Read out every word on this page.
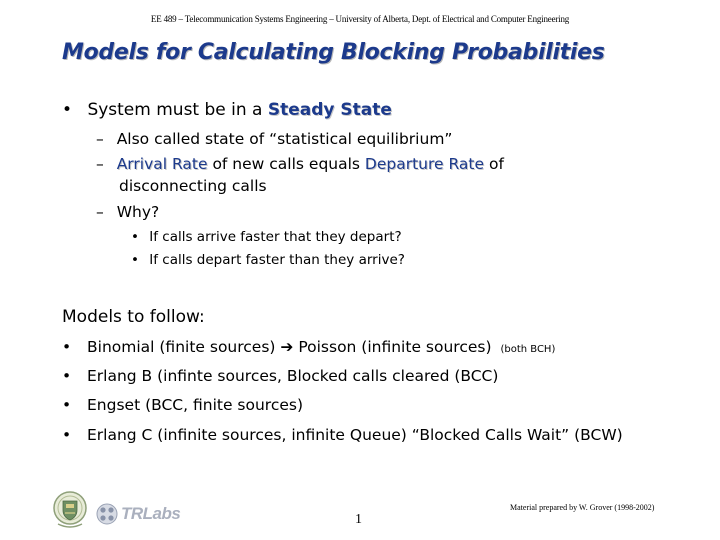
EE 489 – Telecommunication Systems Engineering – University of Alberta, Dept. of Electrical and Computer Engineering
Models for Calculating Blocking Probabilities
• System must be in a Steady State
– Also called state of “statistical equilibrium”
– Arrival Rate of new calls equals Departure Rate of
disconnecting calls
– Why?
• If calls arrive faster that they depart?
• If calls depart faster than they arrive?
Models to follow:
• Binomial (finite sources) ➔ Poisson (infinite sources) (both BCH)
• Erlang B (infinte sources, Blocked calls cleared (BCC)
• Engset (BCC, finite sources)
• Erlang C (infinite sources, infinite Queue) “Blocked Calls Wait” (BCW)
TRLabs	1
Material prepared by W. Grover (1998-2002)
